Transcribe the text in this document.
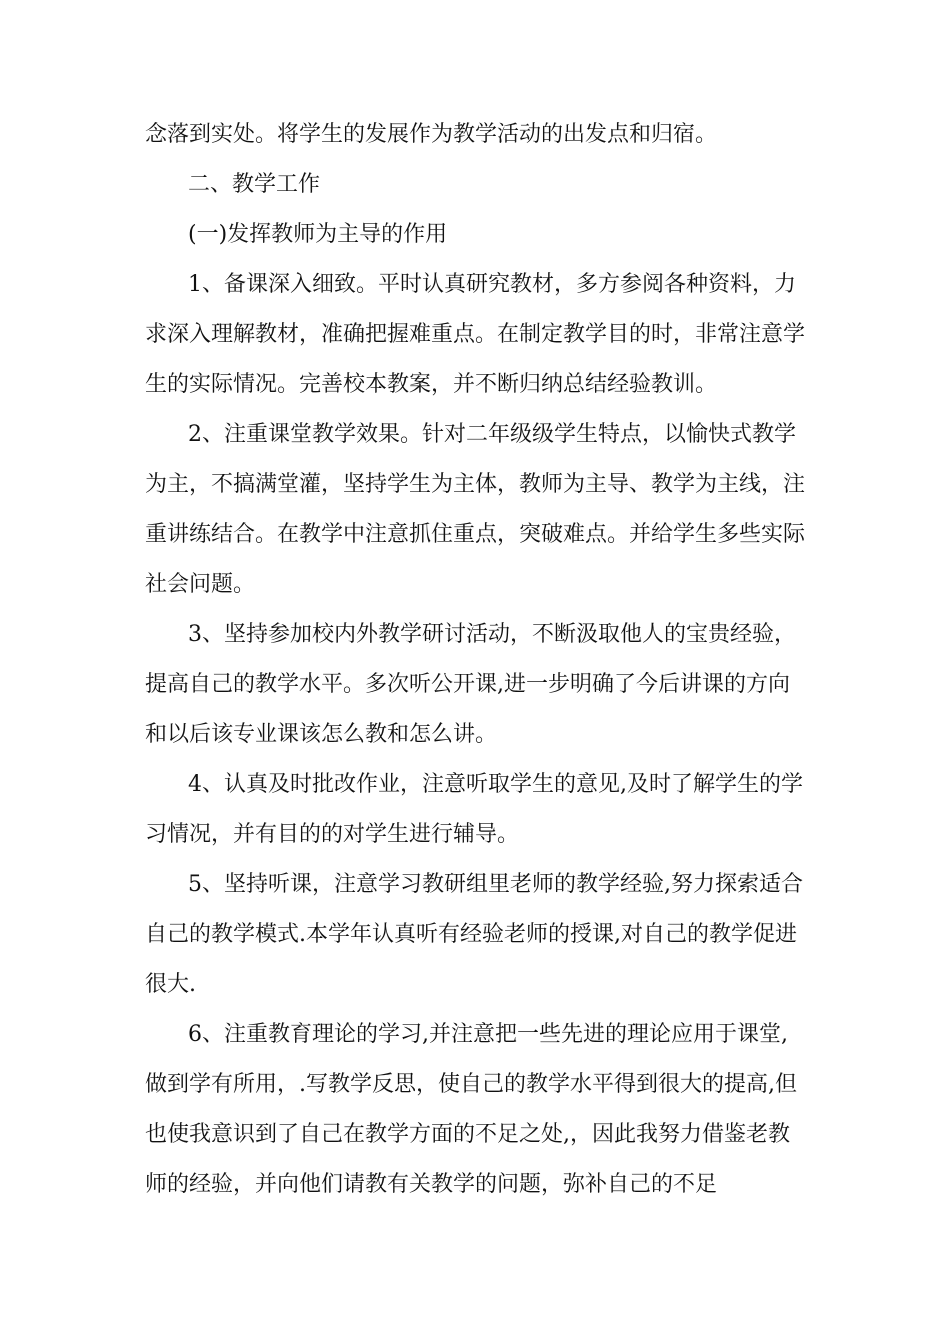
念落到实处。将学生的发展作为教学活动的出发点和归宿。
二、教学工作
(一)发挥教师为主导的作用
1、备课深入细致。平时认真研究教材，多方参阅各种资料，力
求深入理解教材，准确把握难重点。在制定教学目的时，非常注意学
生的实际情况。完善校本教案，并不断归纳总结经验教训。
2、注重课堂教学效果。针对二年级级学生特点，以愉快式教学
为主，不搞满堂灌，坚持学生为主体，教师为主导、教学为主线，注
重讲练结合。在教学中注意抓住重点，突破难点。并给学生多些实际
社会问题。
3、坚持参加校内外教学研讨活动，不断汲取他人的宝贵经验，
提高自己的教学水平。多次听公开课,进一步明确了今后讲课的方向
和以后该专业课该怎么教和怎么讲。
4、认真及时批改作业，注意听取学生的意见,及时了解学生的学
习情况，并有目的的对学生进行辅导。
5、坚持听课，注意学习教研组里老师的教学经验,努力探索适合
自己的教学模式.本学年认真听有经验老师的授课,对自己的教学促进
很大.
6、注重教育理论的学习,并注意把一些先进的理论应用于课堂,
做到学有所用，.写教学反思，使自己的教学水平得到很大的提高,但
也使我意识到了自己在教学方面的不足之处,，因此我努力借鉴老教
师的经验，并向他们请教有关教学的问题，弥补自己的不足
